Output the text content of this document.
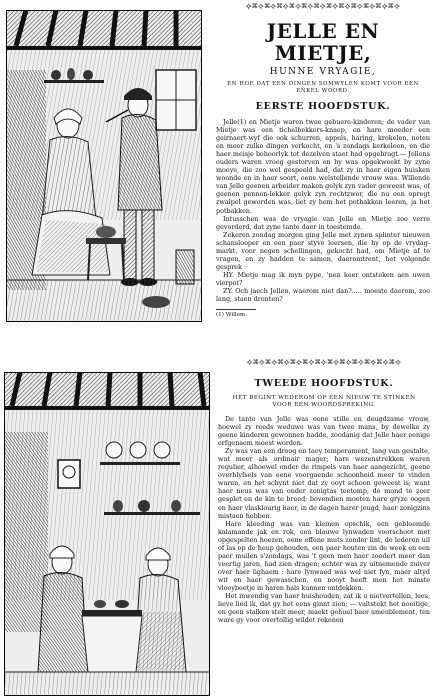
⟡⌘⟡⌘⟡⌘⟡⌘⟡⌘⟡⌘⟡⌘⟡⌘⟡⌘⟡⌘⟡⌘⟡⌘⟡
JELLE EN MIETJE,
HUNNE VRYAGIE,
EN HOE DAT EEN DINGEN SOMWYLEN KOMT VOOR EEN ENKEL WOORD.
EERSTE HOOFDSTUK.

Jelle(1) en Mietje waren twee gebuere-kinderen; de vader van Mietje was een tichelbekkers-knaep, en hare moeder een geirnaert-wyf die ook schurren, appels, haring, krekelen, noten en meer zulke dingen verkocht, en 's zondags kerkeleen, en die haer meisje behoorlyk tot dezelven staet had opgebragt.— Jellens ouders waren vroeg gestorven en hy was opgekweekt by zyne moeye, die zoo wel gespeeld had, dat zy in haer eigen huisken woonde en in haer soort, eene welstellende vrouw was. Willende van Jelle geenen arbeider maken gelyk zyn vader geweest was, of geenen pennen-lekker gelyk zyn rechtzwer, die nu een opregt zwalpel geworden was, liet zy hem het potbakken leeren, ja het potbakken.

Intusschen was de vryagie van Jelle en Mietje zoo verre gevorderd, dat zyne tante daer in toestemde.

Zekeren zondag morgen ging Jelle met zynen splinter nieuwen schanslooper en een paer styve leersen, die hy op de vrydag-markt, voor negen schellingen, gekocht had, om Mietje af te vragen, en zy hadden te samen, daeromtrent, het volgende gesprek :

HY. Mietje mag ik myn pype, 'nen keer ontsteken aen uwen vierpot?

ZY. Och jaech Jellen, waerom niet dan?..... moeste daerom, zoo lang, staen drenten?

(1) Willem.

⟡⌘⟡⌘⟡⌘⟡⌘⟡⌘⟡⌘⟡⌘⟡⌘⟡⌘⟡⌘⟡⌘⟡⌘⟡
TWEEDE HOOFDSTUK.
HET BEGINT WEDEROM OP EEN NIEUW TE STINKEN VOOR EEN WOORDSPREKING.

De tante van Jelle was eene stille en deugdzame vrouw, hoewel zy reeds weduwe was van twee mans, by dewelke zy geene kinderen gewonnen hadde, zoodanig dat Jelle haer eenige erfgenaem moest worden.

Zy was van een droog en taey temperament, lang van gestalte, wat meer als ordinair mager; hare wezenstrekken waren regulier, alhoewel onder de rimpels van haer aangezicht, geene overblyfsels van eene voorgaende schoonheid meer te vinden waren, en het schynt niet dat zy ooyt schoon geweest is; want haer neus was van onder zonigtas teetomp, de mond te zeer gesplet en de kin te breed; bovendien moeten hare gryze oogen en haer vlasklourig haer, in de dagen harer jeugd, haer zonigzins mistaen hebben.

Hare kleeding was van kleinen opschik, een gebloemde kalamande jak en rok, een blauwe lynwaden voorschoot met opgespelten hoezen, eene effene muts zonder lint, de lederen uil of las op de heup gehouden, een paer houten zin de week en een paer muilen s'zondags, was 't geen men haer zoodert meer dan veertig jaren, had zien dragen; echter was zy uitnemende zuiver over haer lighaem : hare lynwaed was wel niet fyn, maer altyd wit en haer gewasschen, en nooyt heeft men het minste vlooybeetje in haren hals kunnen ontdekken.

Het inwendig van haer huishouden, zat ik u nietvertellen, lees, lieve lied ik, dat gy het eens ginnt zien; — valtstekt het nooitige, en geen stalken stelt meer, maekt gehuel haer ameublement, ten ware gy voor overtollig wildet rekenen
